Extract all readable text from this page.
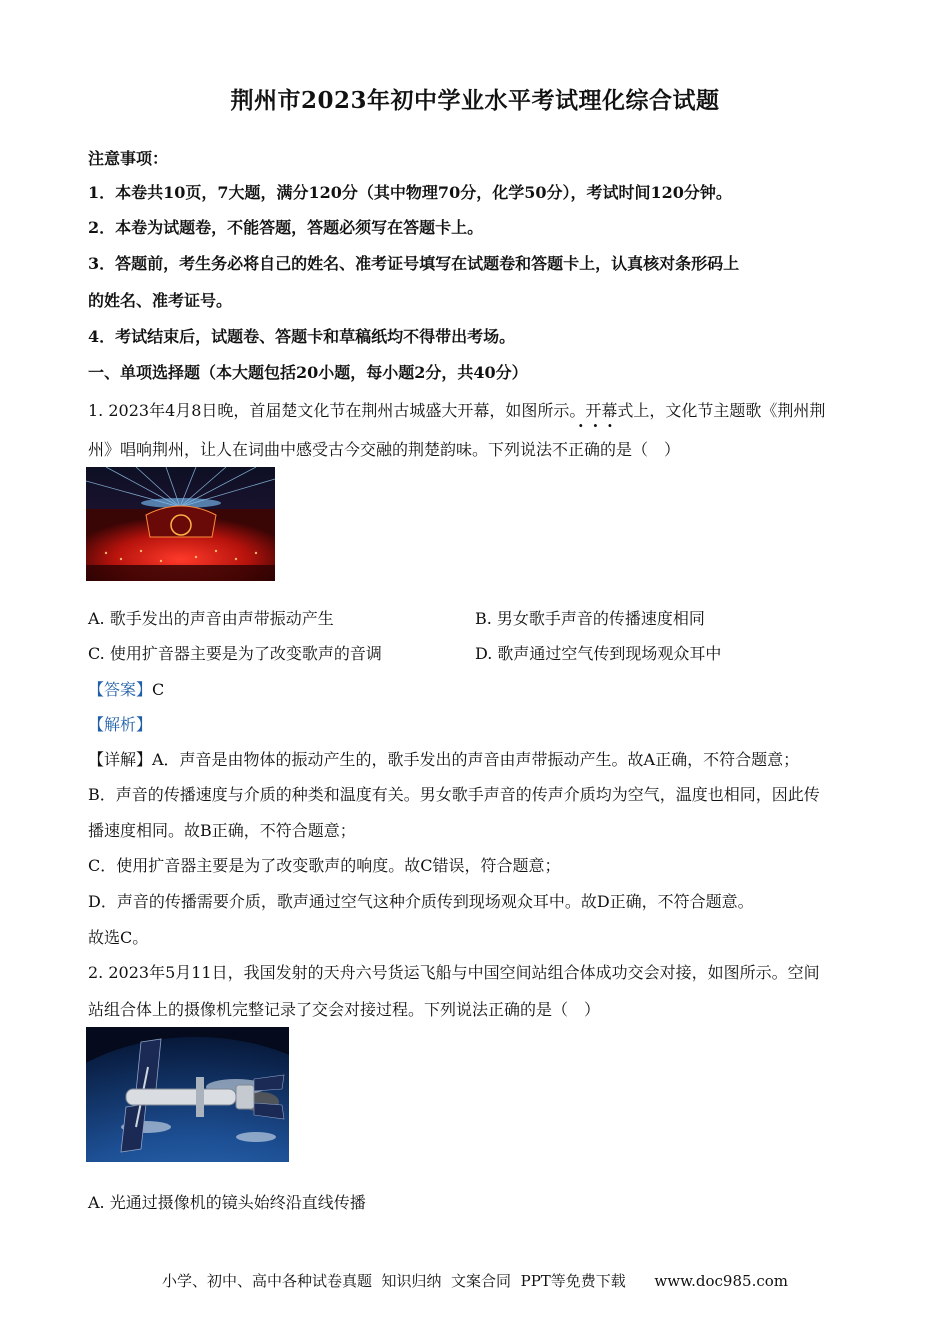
荆州市2023年初中学业水平考试理化综合试题
注意事项：
1．本卷共10页，7大题，满分120分（其中物理70分，化学50分），考试时间120分钟。
2．本卷为试题卷，不能答题，答题必须写在答题卡上。
3．答题前，考生务必将自己的姓名、准考证号填写在试题卷和答题卡上，认真核对条形码上
的姓名、准考证号。
4．考试结束后，试题卷、答题卡和草稿纸均不得带出考场。
一、单项选择题（本大题包括20小题，每小题2分，共40分）
1. 2023年4月8日晚，首届楚文化节在荆州古城盛大开幕，如图所示。开幕式上，文化节主题歌《荆州荆
···
州》唱响荆州，让人在词曲中感受古今交融的荆楚韵味。下列说法不正确的是（　）
A. 歌手发出的声音由声带振动产生	B. 男女歌手声音的传播速度相同
C. 使用扩音器主要是为了改变歌声的音调	D. 歌声通过空气传到现场观众耳中
【答案】C
【解析】
【详解】A．声音是由物体的振动产生的，歌手发出的声音由声带振动产生。故A正确，不符合题意；
B．声音的传播速度与介质的种类和温度有关。男女歌手声音的传声介质均为空气，温度也相同，因此传
播速度相同。故B正确，不符合题意；
C．使用扩音器主要是为了改变歌声的响度。故C错误，符合题意；
D．声音的传播需要介质，歌声通过空气这种介质传到现场观众耳中。故D正确，不符合题意。
故选C。
2. 2023年5月11日，我国发射的天舟六号货运飞船与中国空间站组合体成功交会对接，如图所示。空间
站组合体上的摄像机完整记录了交会对接过程。下列说法正确的是（　）
A. 光通过摄像机的镜头始终沿直线传播
小学、初中、高中各种试卷真题  知识归纳  文案合同  PPT等免费下载      www.doc985.com
